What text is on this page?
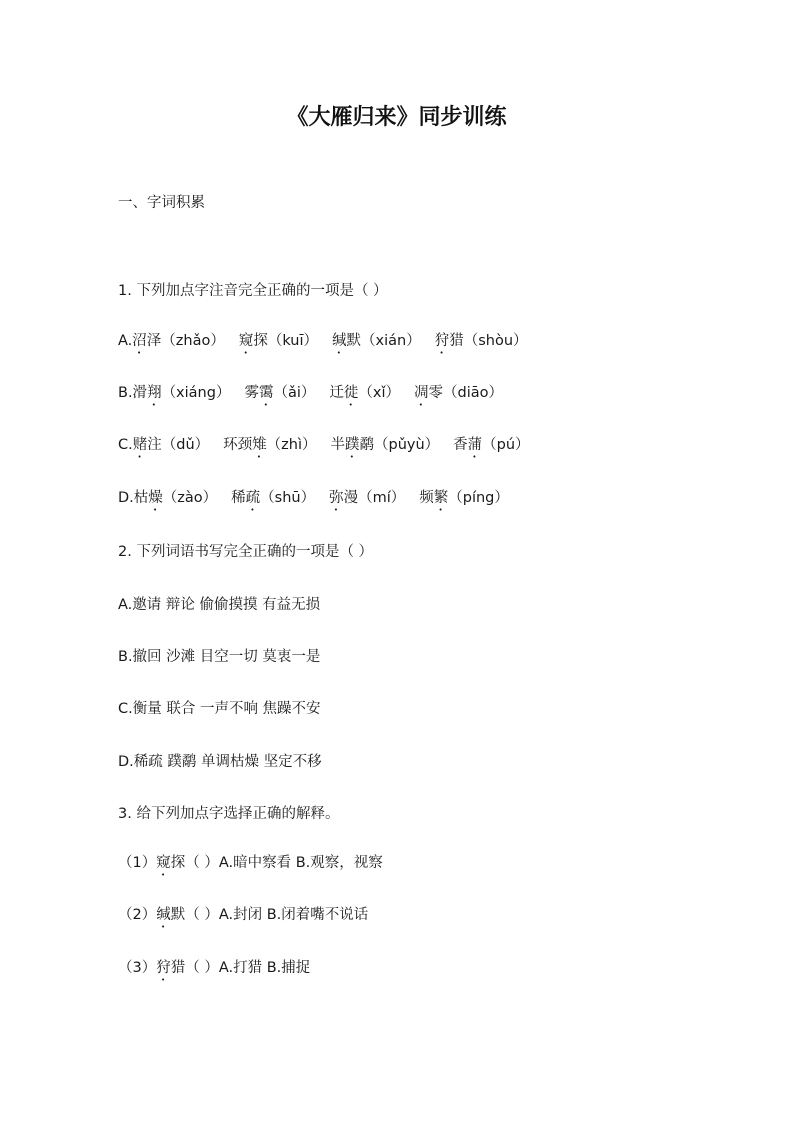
《大雁归来》同步训练
一、字词积累
1. 下列加点字注音完全正确的一项是（ ）
A.沼泽（zhǎo） 窥探（kuī） 缄默（xián） 狩猎（shòu）
B.滑翔（xiáng） 雾霭（ǎi） 迁徙（xǐ） 凋零（diāo）
C.赌注（dǔ） 环颈雉（zhì） 半蹼鹬（pǔyù） 香蒲（pú）
D.枯燥（zào） 稀疏（shū） 弥漫（mí） 频繁（píng）
2. 下列词语书写完全正确的一项是（ ）
A.邀请 辩论 偷偷摸摸 有益无损
B.撤回 沙滩 目空一切 莫衷一是
C.衡量 联合 一声不响 焦躁不安
D.稀疏 蹼鹬 单调枯燥 坚定不移
3. 给下列加点字选择正确的解释。
（1）窥探（ ）A.暗中察看 B.观察，视察
（2）缄默（ ）A.封闭 B.闭着嘴不说话
（3）狩猎（ ）A.打猎 B.捕捉
